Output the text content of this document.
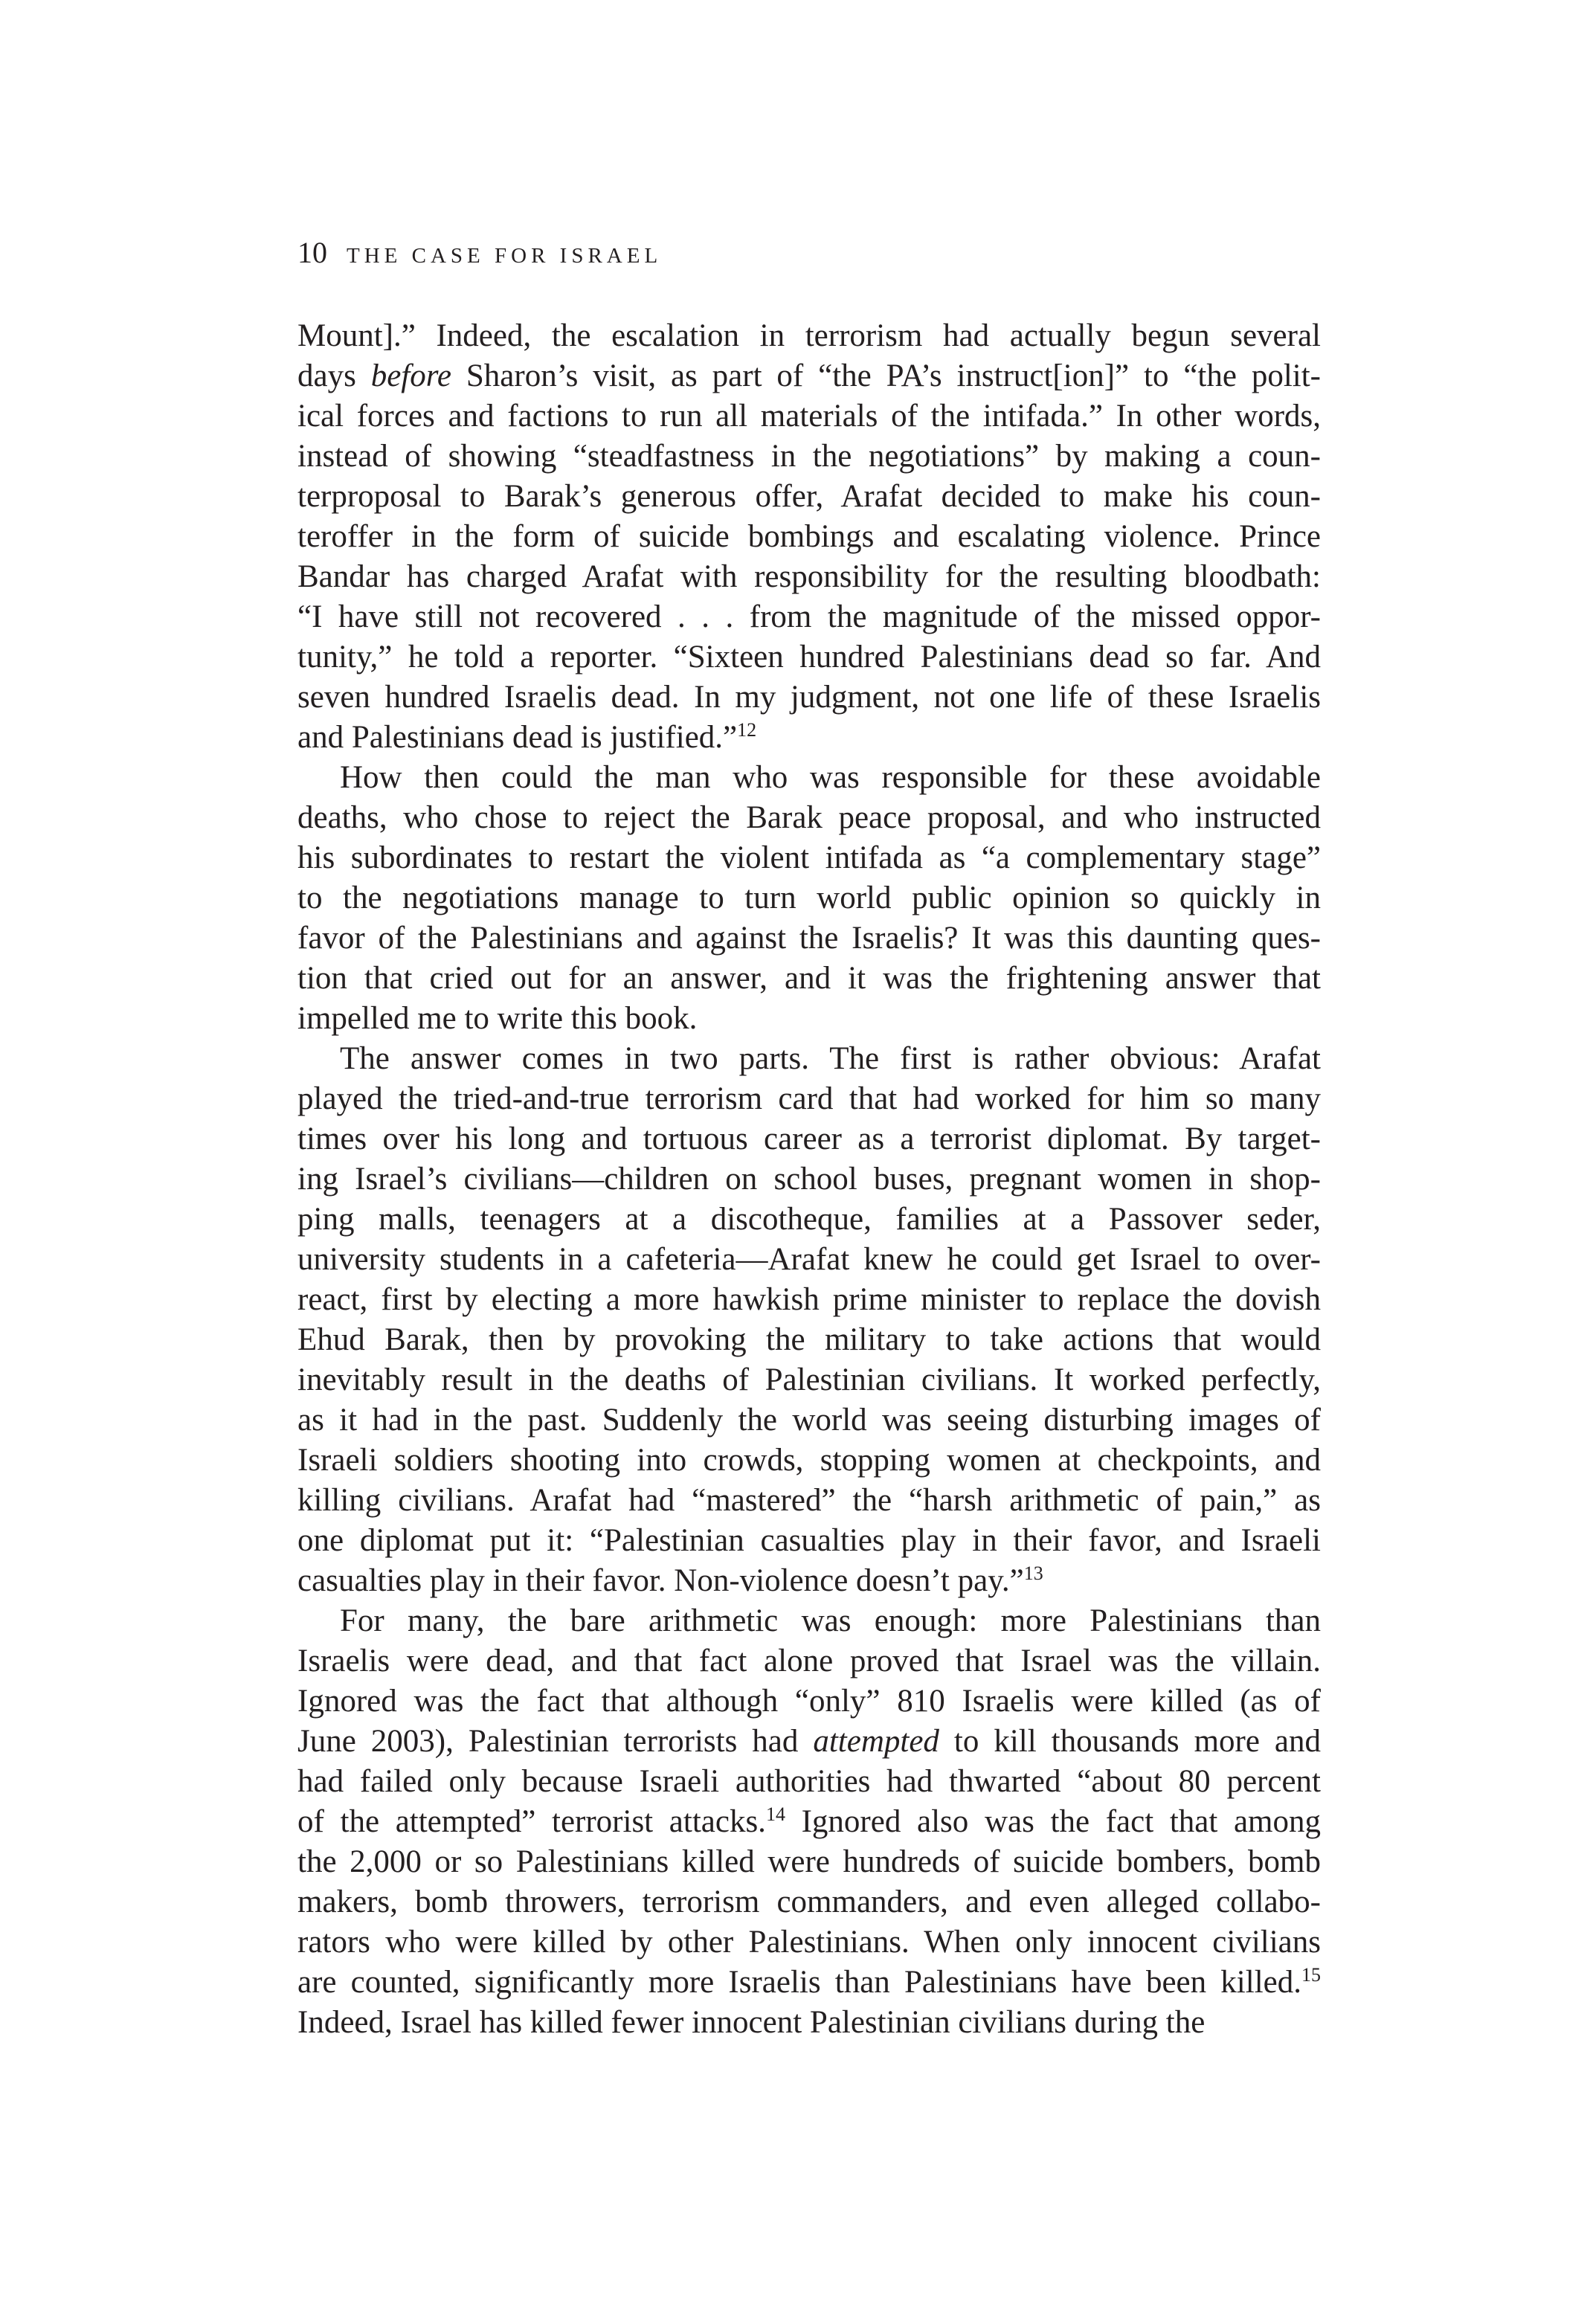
10 THE CASE FOR ISRAEL

Mount].” Indeed, the escalation in terrorism had actually begun several
days before Sharon’s visit, as part of “the PA’s instruct[ion]” to “the polit-
ical forces and factions to run all materials of the intifada.” In other words,
instead of showing “steadfastness in the negotiations” by making a coun-
terproposal to Barak’s generous offer, Arafat decided to make his coun-
teroffer in the form of suicide bombings and escalating violence. Prince
Bandar has charged Arafat with responsibility for the resulting bloodbath:
“I have still not recovered . . . from the magnitude of the missed oppor-
tunity,” he told a reporter. “Sixteen hundred Palestinians dead so far. And
seven hundred Israelis dead. In my judgment, not one life of these Israelis
and Palestinians dead is justified.”$^{12}$

How then could the man who was responsible for these avoidable
deaths, who chose to reject the Barak peace proposal, and who instructed
his subordinates to restart the violent intifada as “a complementary stage”
to the negotiations manage to turn world public opinion so quickly in
favor of the Palestinians and against the Israelis? It was this daunting ques-
tion that cried out for an answer, and it was the frightening answer that
impelled me to write this book.

The answer comes in two parts. The first is rather obvious: Arafat
played the tried-and-true terrorism card that had worked for him so many
times over his long and tortuous career as a terrorist diplomat. By target-
ing Israel’s civilians—children on school buses, pregnant women in shop-
ping malls, teenagers at a discotheque, families at a Passover seder,
university students in a cafeteria—Arafat knew he could get Israel to over-
react, first by electing a more hawkish prime minister to replace the dovish
Ehud Barak, then by provoking the military to take actions that would
inevitably result in the deaths of Palestinian civilians. It worked perfectly,
as it had in the past. Suddenly the world was seeing disturbing images of
Israeli soldiers shooting into crowds, stopping women at checkpoints, and
killing civilians. Arafat had “mastered” the “harsh arithmetic of pain,” as
one diplomat put it: “Palestinian casualties play in their favor, and Israeli
casualties play in their favor. Non-violence doesn’t pay.”$^{13}$

For many, the bare arithmetic was enough: more Palestinians than
Israelis were dead, and that fact alone proved that Israel was the villain.
Ignored was the fact that although “only” 810 Israelis were killed (as of
June 2003), Palestinian terrorists had attempted to kill thousands more and
had failed only because Israeli authorities had thwarted “about 80 percent
of the attempted” terrorist attacks.$^{14}$ Ignored also was the fact that among
the 2,000 or so Palestinians killed were hundreds of suicide bombers, bomb
makers, bomb throwers, terrorism commanders, and even alleged collabo-
rators who were killed by other Palestinians. When only innocent civilians
are counted, significantly more Israelis than Palestinians have been killed.$^{15}$
Indeed, Israel has killed fewer innocent Palestinian civilians during the
